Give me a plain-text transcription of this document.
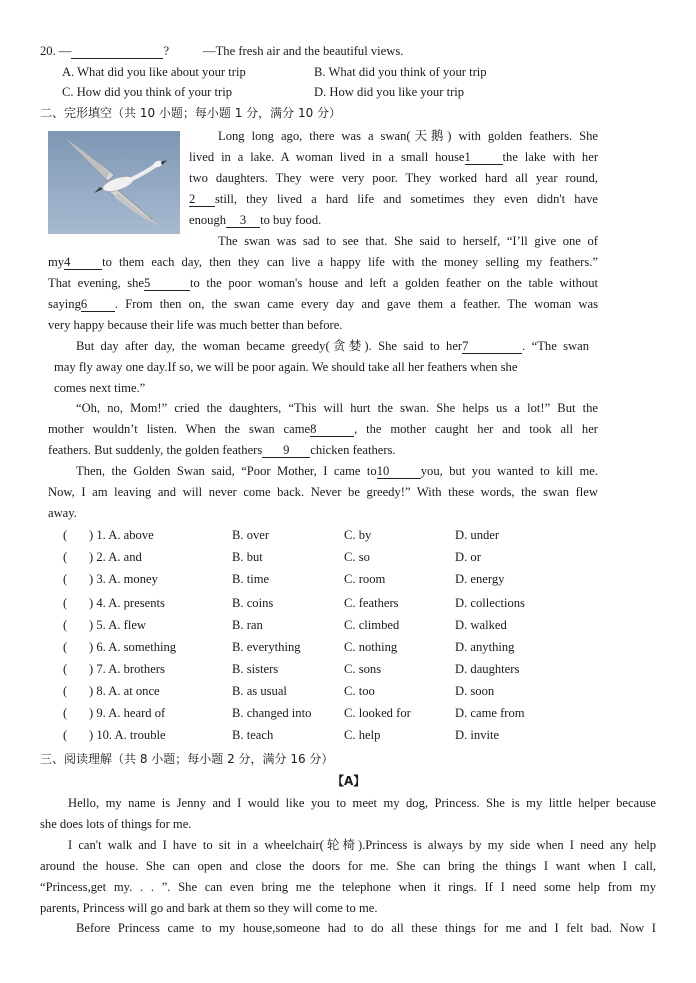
20. —	?	—The fresh air and the beautiful views.
A. What did you like about your trip	B. What did you think of your trip
C. How did you think of your trip	D. How did you like your trip
二、完形填空（共 10 小题；每小题 1 分，满分 10 分）
Long long ago, there was a swan(天鹅) with golden feathers. She
lived in a lake. A woman lived in a small house1	the lake with her
two daughters. They were very poor. They worked hard all year round,
2 still, they lived a hard life and sometimes they even didn't have
enough 3 to buy food.
The swan was sad to see that. She said to herself, “I’ll give one of
my4	to them each day, then they can live a happy life with the money selling my feathers.”
That evening, she5	to the poor woman's house and left a golden feather on the table without
saying6 . From then on, the swan came every day and gave them a feather. The woman was
very happy because their life was much better than before.
But day after day, the woman became greedy(贪婪). She said to her7	. “The swan
may fly away one day.If so, we will be poor again. We should take all her feathers when she
comes next time.”
“Oh, no, Mom!” cried the daughters, “This will hurt the swan. She helps us a lot!” But the
mother wouldn’t listen. When the swan came8	, the mother caught her and took all her
feathers. But suddenly, the golden feathers 9 chicken feathers.
Then, the Golden Swan said, “Poor Mother, I came to10 you, but you wanted to kill me.
Now, I am leaving and will never come back. Never be greedy!” With these words, the swan flew
away.
( ) 1. A. above	B. over	C. by	D. under
( ) 2. A. and	B. but	C. so	D. or
( ) 3. A. money	B. time	C. room	D. energy
( ) 4. A. presents	B. coins	C. feathers	D. collections
( ) 5. A. flew	B. ran	C. climbed	D. walked
( ) 6. A. something	B. everything	C. nothing	D. anything
( ) 7. A. brothers	B. sisters	C. sons	D. daughters
( ) 8. A. at once	B. as usual	C. too	D. soon
( ) 9. A. heard of	B. changed into	C. looked for	D. came from
( ) 10. A. trouble	B. teach	C. help	D. invite
三、阅读理解（共 8 小题；每小题 2 分，满分 16 分）
【A】
Hello, my name is Jenny and I would like you to meet my dog, Princess. She is my little helper because
she does lots of things for me.
I can't walk and I have to sit in a wheelchair(轮椅).Princess is always by my side when I need any help
around the house. She can open and close the doors for me. She can bring the things I want when I call,
“Princess,get my. . . ”. She can even bring me the telephone when it rings. If I need some help from my
parents, Princess will go and bark at them so they will come to me.
Before Princess came to my house,someone had to do all these things for me and I felt bad. Now I
